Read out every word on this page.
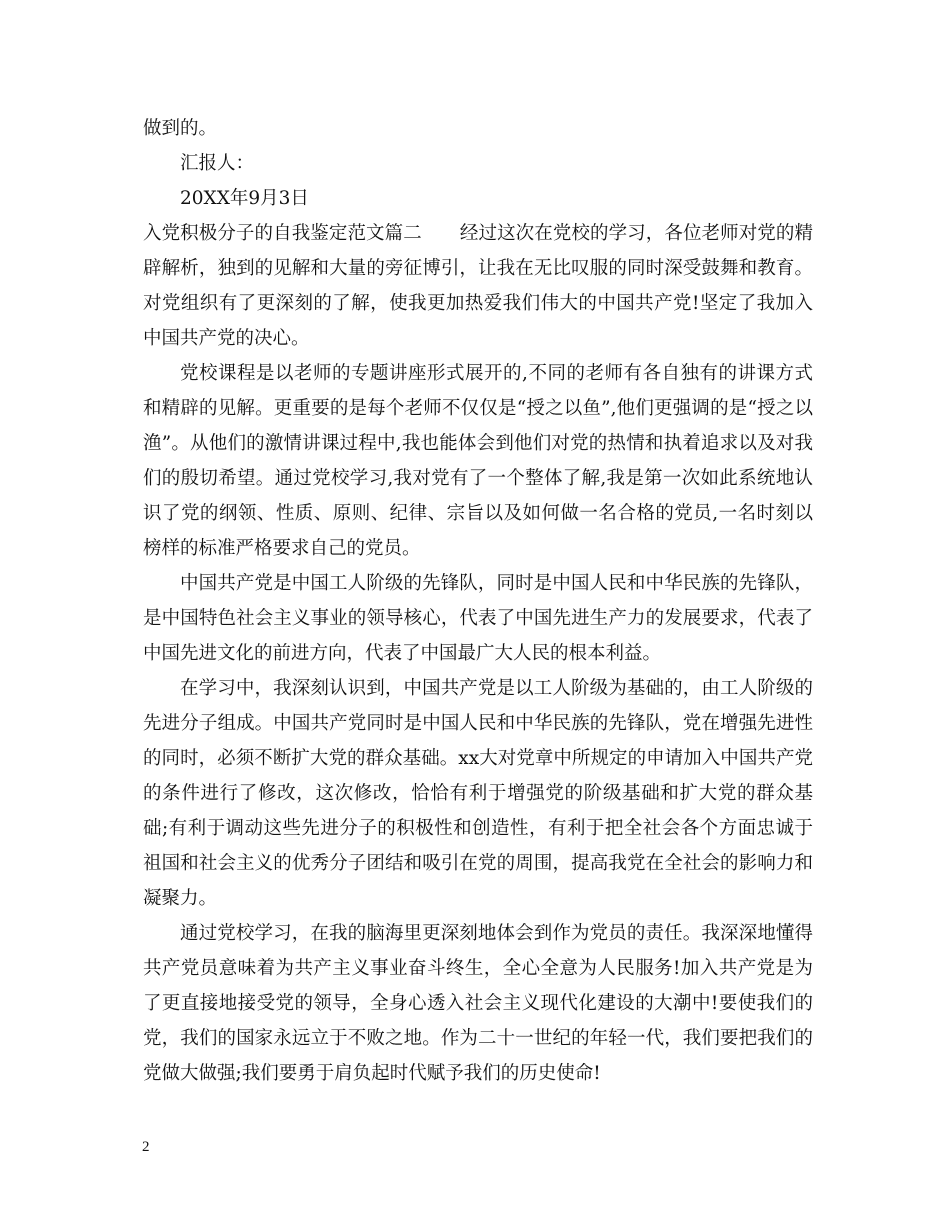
做到的。
汇报人：
20XX年9月3日
入党积极分子的自我鉴定范文篇二 经过这次在党校的学习，各位老师对党的精辟解析，独到的见解和大量的旁征博引，让我在无比叹服的同时深受鼓舞和教育。对党组织有了更深刻的了解，使我更加热爱我们伟大的中国共产党!坚定了我加入中国共产党的决心。
党校课程是以老师的专题讲座形式展开的,不同的老师有各自独有的讲课方式和精辟的见解。更重要的是每个老师不仅仅是“授之以鱼”,他们更强调的是“授之以渔”。从他们的激情讲课过程中,我也能体会到他们对党的热情和执着追求以及对我们的殷切希望。通过党校学习,我对党有了一个整体了解,我是第一次如此系统地认识了党的纲领、性质、原则、纪律、宗旨以及如何做一名合格的党员,一名时刻以榜样的标准严格要求自己的党员。
中国共产党是中国工人阶级的先锋队，同时是中国人民和中华民族的先锋队，是中国特色社会主义事业的领导核心，代表了中国先进生产力的发展要求，代表了中国先进文化的前进方向，代表了中国最广大人民的根本利益。
在学习中，我深刻认识到，中国共产党是以工人阶级为基础的，由工人阶级的先进分子组成。中国共产党同时是中国人民和中华民族的先锋队，党在增强先进性的同时，必须不断扩大党的群众基础。xx大对党章中所规定的申请加入中国共产党的条件进行了修改，这次修改，恰恰有利于增强党的阶级基础和扩大党的群众基础;有利于调动这些先进分子的积极性和创造性，有利于把全社会各个方面忠诚于祖国和社会主义的优秀分子团结和吸引在党的周围，提高我党在全社会的影响力和凝聚力。
通过党校学习，在我的脑海里更深刻地体会到作为党员的责任。我深深地懂得共产党员意味着为共产主义事业奋斗终生，全心全意为人民服务!加入共产党是为了更直接地接受党的领导，全身心透入社会主义现代化建设的大潮中!要使我们的党，我们的国家永远立于不败之地。作为二十一世纪的年轻一代，我们要把我们的党做大做强;我们要勇于肩负起时代赋予我们的历史使命!
2
